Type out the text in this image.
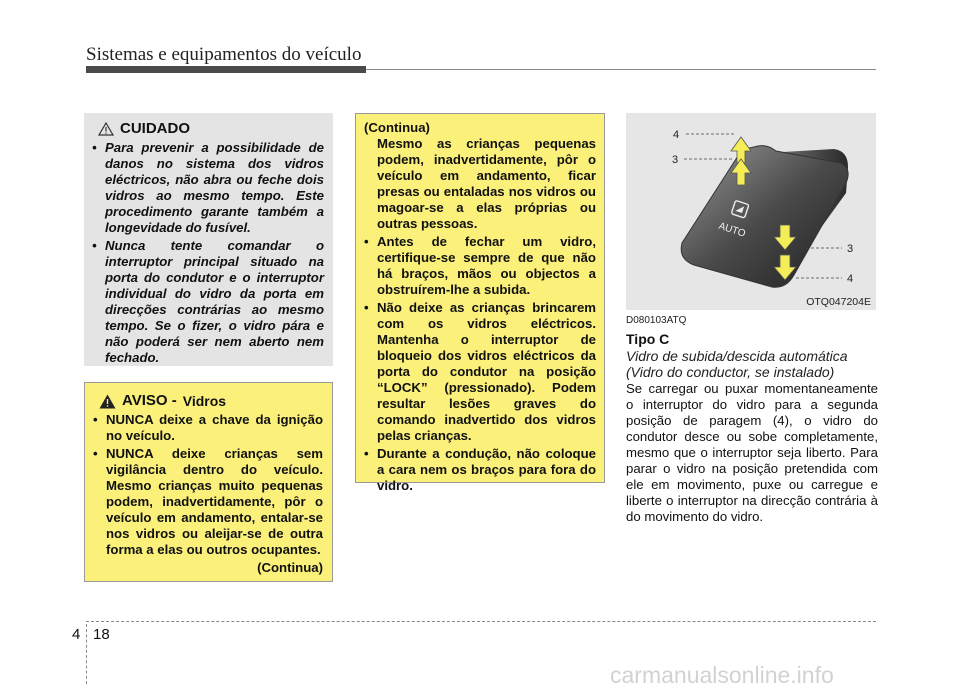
Sistemas e equipamentos do veículo
CUIDADO
• Para prevenir a possibilidade de danos no sistema dos vidros eléctricos, não abra ou feche dois vidros ao mesmo tempo. Este procedimento garante também a longevidade do fusível.
• Nunca tente comandar o interruptor principal situado na porta do condutor e o interruptor individual do vidro da porta em direcções contrárias ao mesmo tempo. Se o fizer, o vidro pára e não poderá ser nem aberto nem fechado.
AVISO - Vidros
• NUNCA deixe a chave da ignição no veículo.
• NUNCA deixe crianças sem vigilância dentro do veículo. Mesmo crianças muito pequenas podem, inadvertidamente, pôr o veículo em andamento, entalar-se nos vidros ou aleijar-se de outra forma a elas ou outros ocupantes.
(Continua)
(Continua)
Mesmo as crianças pequenas podem, inadvertidamente, pôr o veículo em andamento, ficar presas ou entaladas nos vidros ou magoar-se a elas próprias ou outras pessoas.
• Antes de fechar um vidro, certifique-se sempre de que não há braços, mãos ou objectos a obstruírem-lhe a subida.
• Não deixe as crianças brincarem com os vidros eléctricos. Mantenha o interruptor de bloqueio dos vidros eléctricos da porta do condutor na posição “LOCK” (pressionado). Podem resultar lesões graves do comando inadvertido dos vidros pelas crianças.
• Durante a condução, não coloque a cara nem os braços para fora do vidro.
AUTO
4
3
3
4
OTQ047204E
D080103ATQ
Tipo C
Vidro de subida/descida automática (Vidro do conductor, se instalado)
Se carregar ou puxar momentaneamente o interruptor do vidro para a segunda posição de paragem (4), o vidro do condutor desce ou sobe completamente, mesmo que o interruptor seja liberto. Para parar o vidro na posição pretendida com ele em movimento, puxe ou carregue e liberte o interruptor na direcção contrária à do movimento do vidro.
4 18
carmanualsonline.info
